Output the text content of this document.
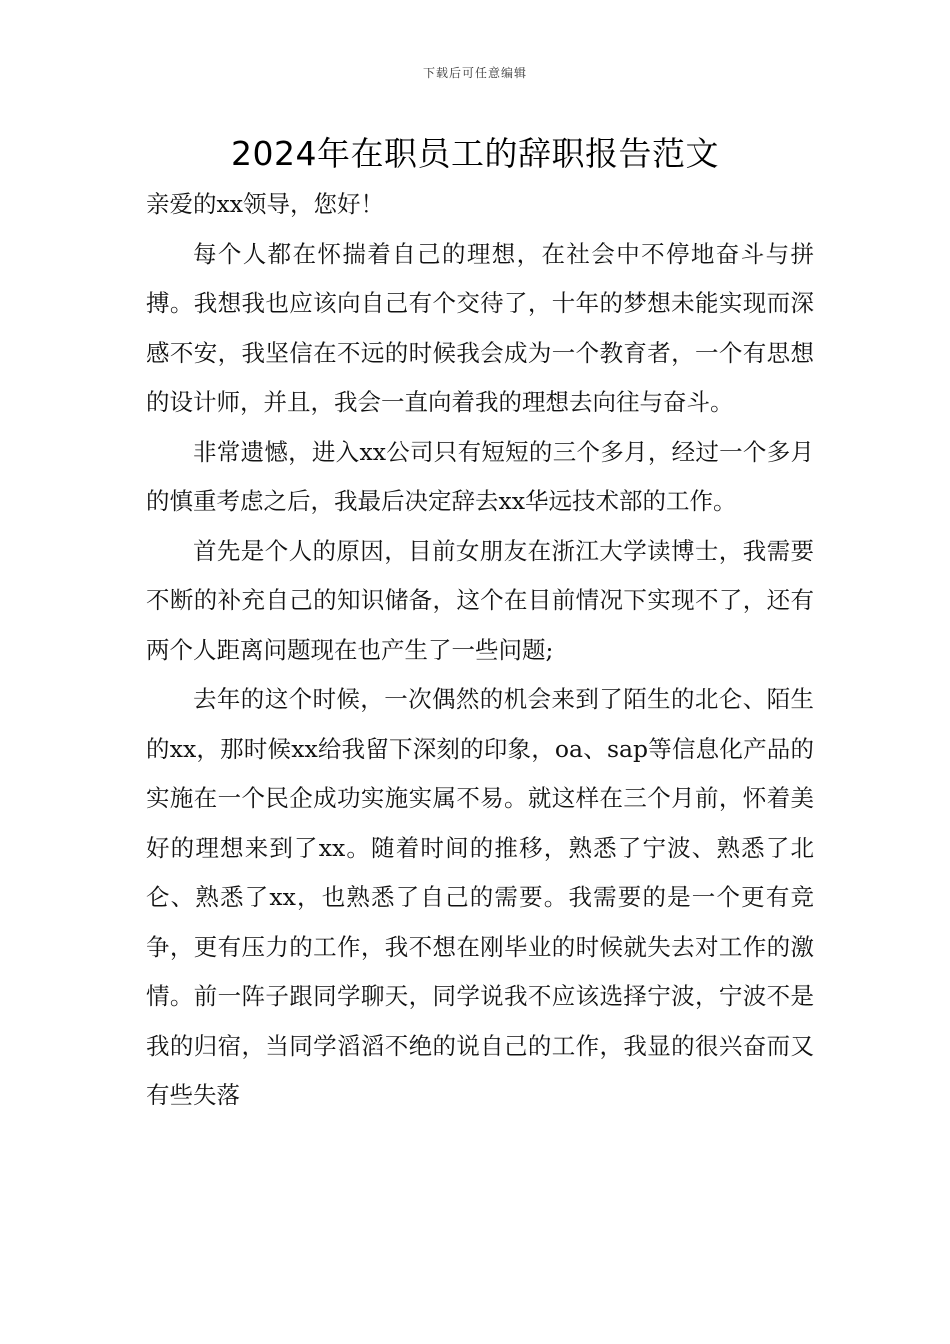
下载后可任意编辑
2024年在职员工的辞职报告范文

亲爱的xx领导，您好！

每个人都在怀揣着自己的理想，在社会中不停地奋斗与拼搏。我想我也应该向自己有个交待了，十年的梦想未能实现而深感不安，我坚信在不远的时候我会成为一个教育者，一个有思想的设计师，并且，我会一直向着我的理想去向往与奋斗。

非常遗憾，进入xx公司只有短短的三个多月，经过一个多月的慎重考虑之后，我最后决定辞去xx华远技术部的工作。

首先是个人的原因，目前女朋友在浙江大学读博士，我需要不断的补充自己的知识储备，这个在目前情况下实现不了，还有两个人距离问题现在也产生了一些问题;

去年的这个时候，一次偶然的机会来到了陌生的北仑、陌生的xx，那时候xx给我留下深刻的印象，oa、sap等信息化产品的实施在一个民企成功实施实属不易。就这样在三个月前，怀着美好的理想来到了xx。随着时间的推移，熟悉了宁波、熟悉了北仑、熟悉了xx，也熟悉了自己的需要。我需要的是一个更有竞争，更有压力的工作，我不想在刚毕业的时候就失去对工作的激情。前一阵子跟同学聊天，同学说我不应该选择宁波，宁波不是我的归宿，当同学滔滔不绝的说自己的工作，我显的很兴奋而又有些失落
